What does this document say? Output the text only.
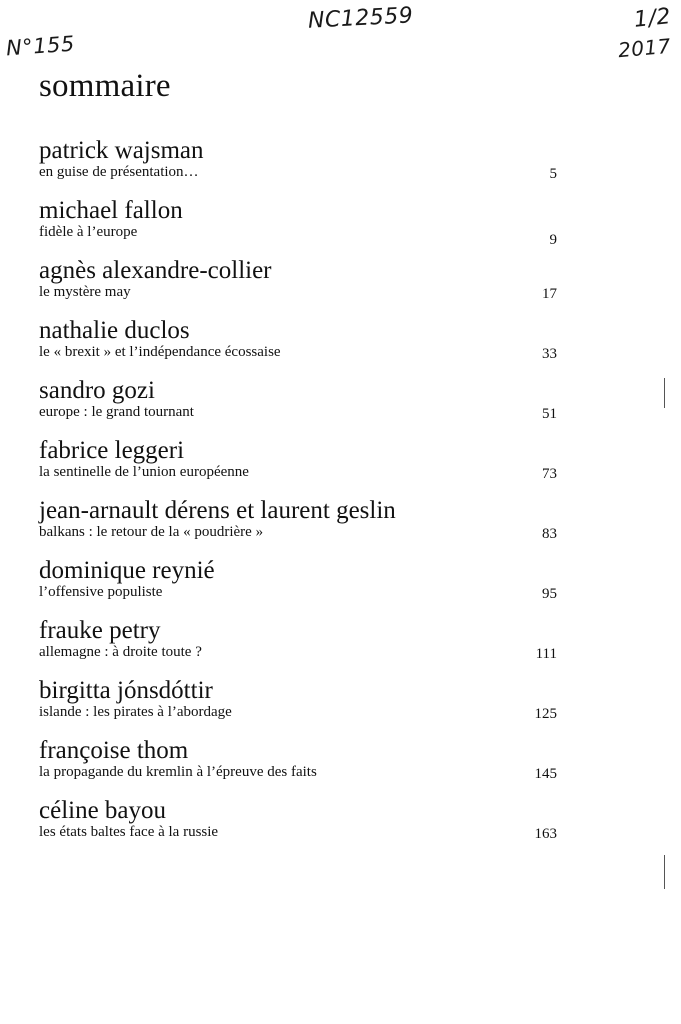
NC12559
N°155
1/2
2017
sommaire
patrick wajsman
en guise de présentation…	5
michael fallon
fidèle à l’europe	9
agnès alexandre-collier
le mystère may	17
nathalie duclos
le « brexit » et l’indépendance écossaise	33
sandro gozi
europe : le grand tournant	51
fabrice leggeri
la sentinelle de l’union européenne	73
jean-arnault dérens et laurent geslin
balkans : le retour de la « poudrière »	83
dominique reynié
l’offensive populiste	95
frauke petry
allemagne : à droite toute ?	111
birgitta jónsdóttir
islande : les pirates à l’abordage	125
françoise thom
la propagande du kremlin à l’épreuve des faits	145
céline bayou
les états baltes face à la russie	163
